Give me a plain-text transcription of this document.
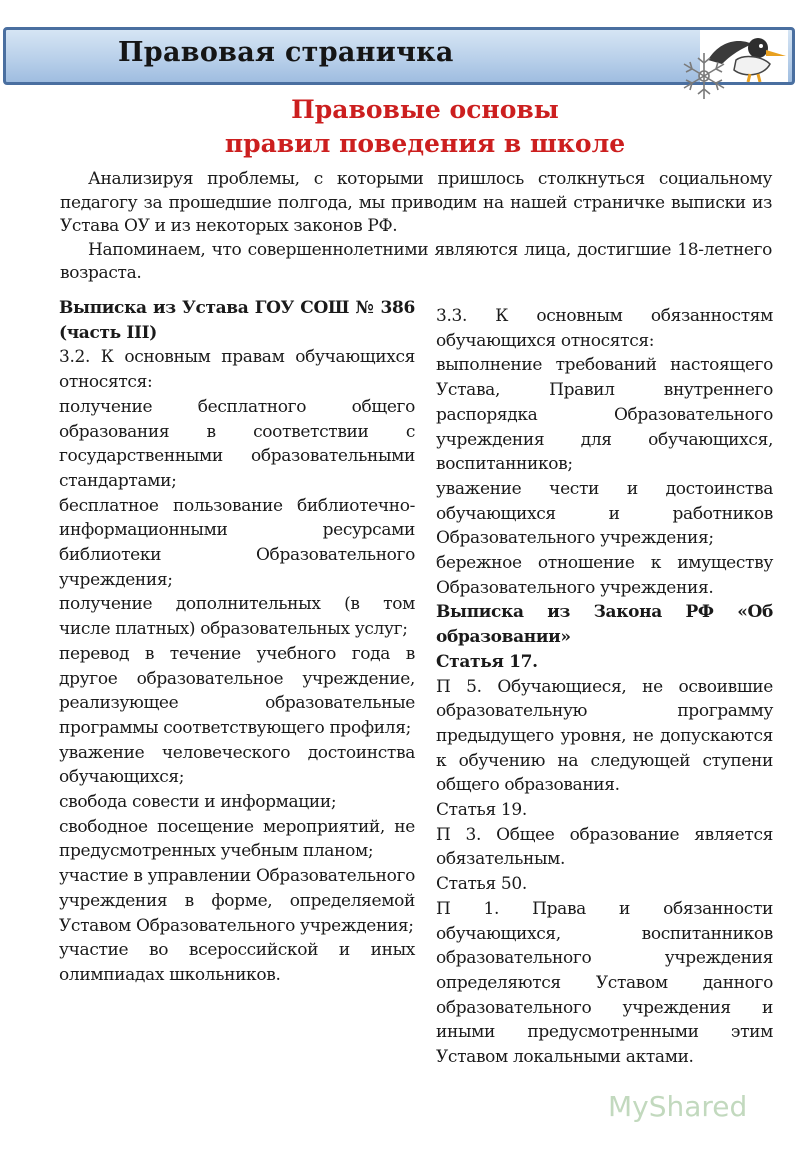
Правовая страничка
Правовые основы
правил поведения в школе

Анализируя проблемы, с которыми пришлось столкнуться социальному педагогу за прошедшие полгода, мы приводим на нашей страничке выписки из Устава ОУ и из некоторых законов РФ.

Напоминаем, что совершеннолетними являются лица, достигшие 18-летнего возраста.

Выписка из Устава ГОУ СОШ № 386 (часть III)

3.2. К основным правам обучающихся относятся:

получение бесплатного общего образования в соответствии с государственными образовательными стандартами;

бесплатное пользование библиотечно-информационными ресурсами библиотеки Образовательного учреждения;

получение дополнительных (в том числе платных) образовательных услуг;

перевод в течение учебного года в другое образовательное учреждение, реализующее образовательные программы соответствующего профиля;

уважение человеческого достоинства обучающихся;

свобода совести и информации;

свободное посещение мероприятий, не предусмотренных учебным планом;

участие в управлении Образовательного учреждения в форме, определяемой Уставом Образовательного учреждения;

участие во всероссийской и иных олимпиадах школьников.

3.3. К основным обязанностям обучающихся относятся:

выполнение требований настоящего Устава, Правил внутреннего распорядка Образовательного учреждения для обучающихся, воспитанников;

уважение чести и достоинства обучающихся и работников Образовательного учреждения;

бережное отношение к имуществу Образовательного учреждения.

Выписка из Закона РФ «Об образовании»

Статья 17.

П 5. Обучающиеся, не освоившие образовательную программу предыдущего уровня, не допускаются к обучению на следующей ступени общего образования.

Статья 19.

П 3. Общее образование является обязательным.

Статья 50.

П 1. Права и обязанности обучающихся, воспитанников образовательного учреждения определяются Уставом данного образовательного учреждения и иными предусмотренными этим Уставом локальными актами.

MyShared
